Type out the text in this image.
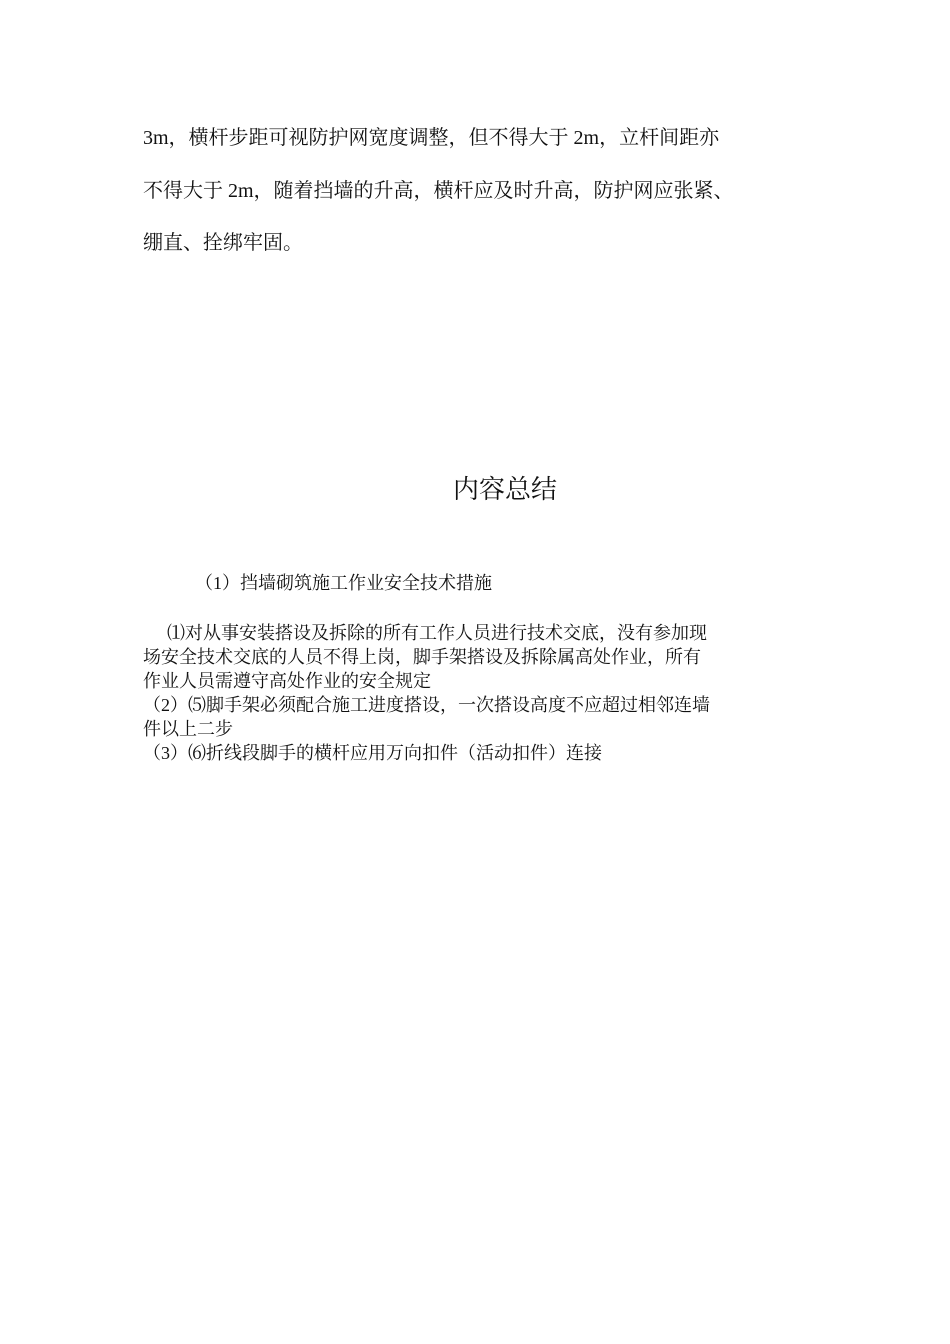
3m，横杆步距可视防护网宽度调整，但不得大于 2m，立杆间距亦
不得大于 2m，随着挡墙的升高，横杆应及时升高，防护网应张紧、
绷直、拴绑牢固。
内容总结
（1）挡墙砌筑施工作业安全技术措施

⑴对从事安装搭设及拆除的所有工作人员进行技术交底，没有参加现

场安全技术交底的人员不得上岗，脚手架搭设及拆除属高处作业，所有

作业人员需遵守高处作业的安全规定

（2）⑸脚手架必须配合施工进度搭设，一次搭设高度不应超过相邻连墙

件以上二步

（3）⑹折线段脚手的横杆应用万向扣件（活动扣件）连接
